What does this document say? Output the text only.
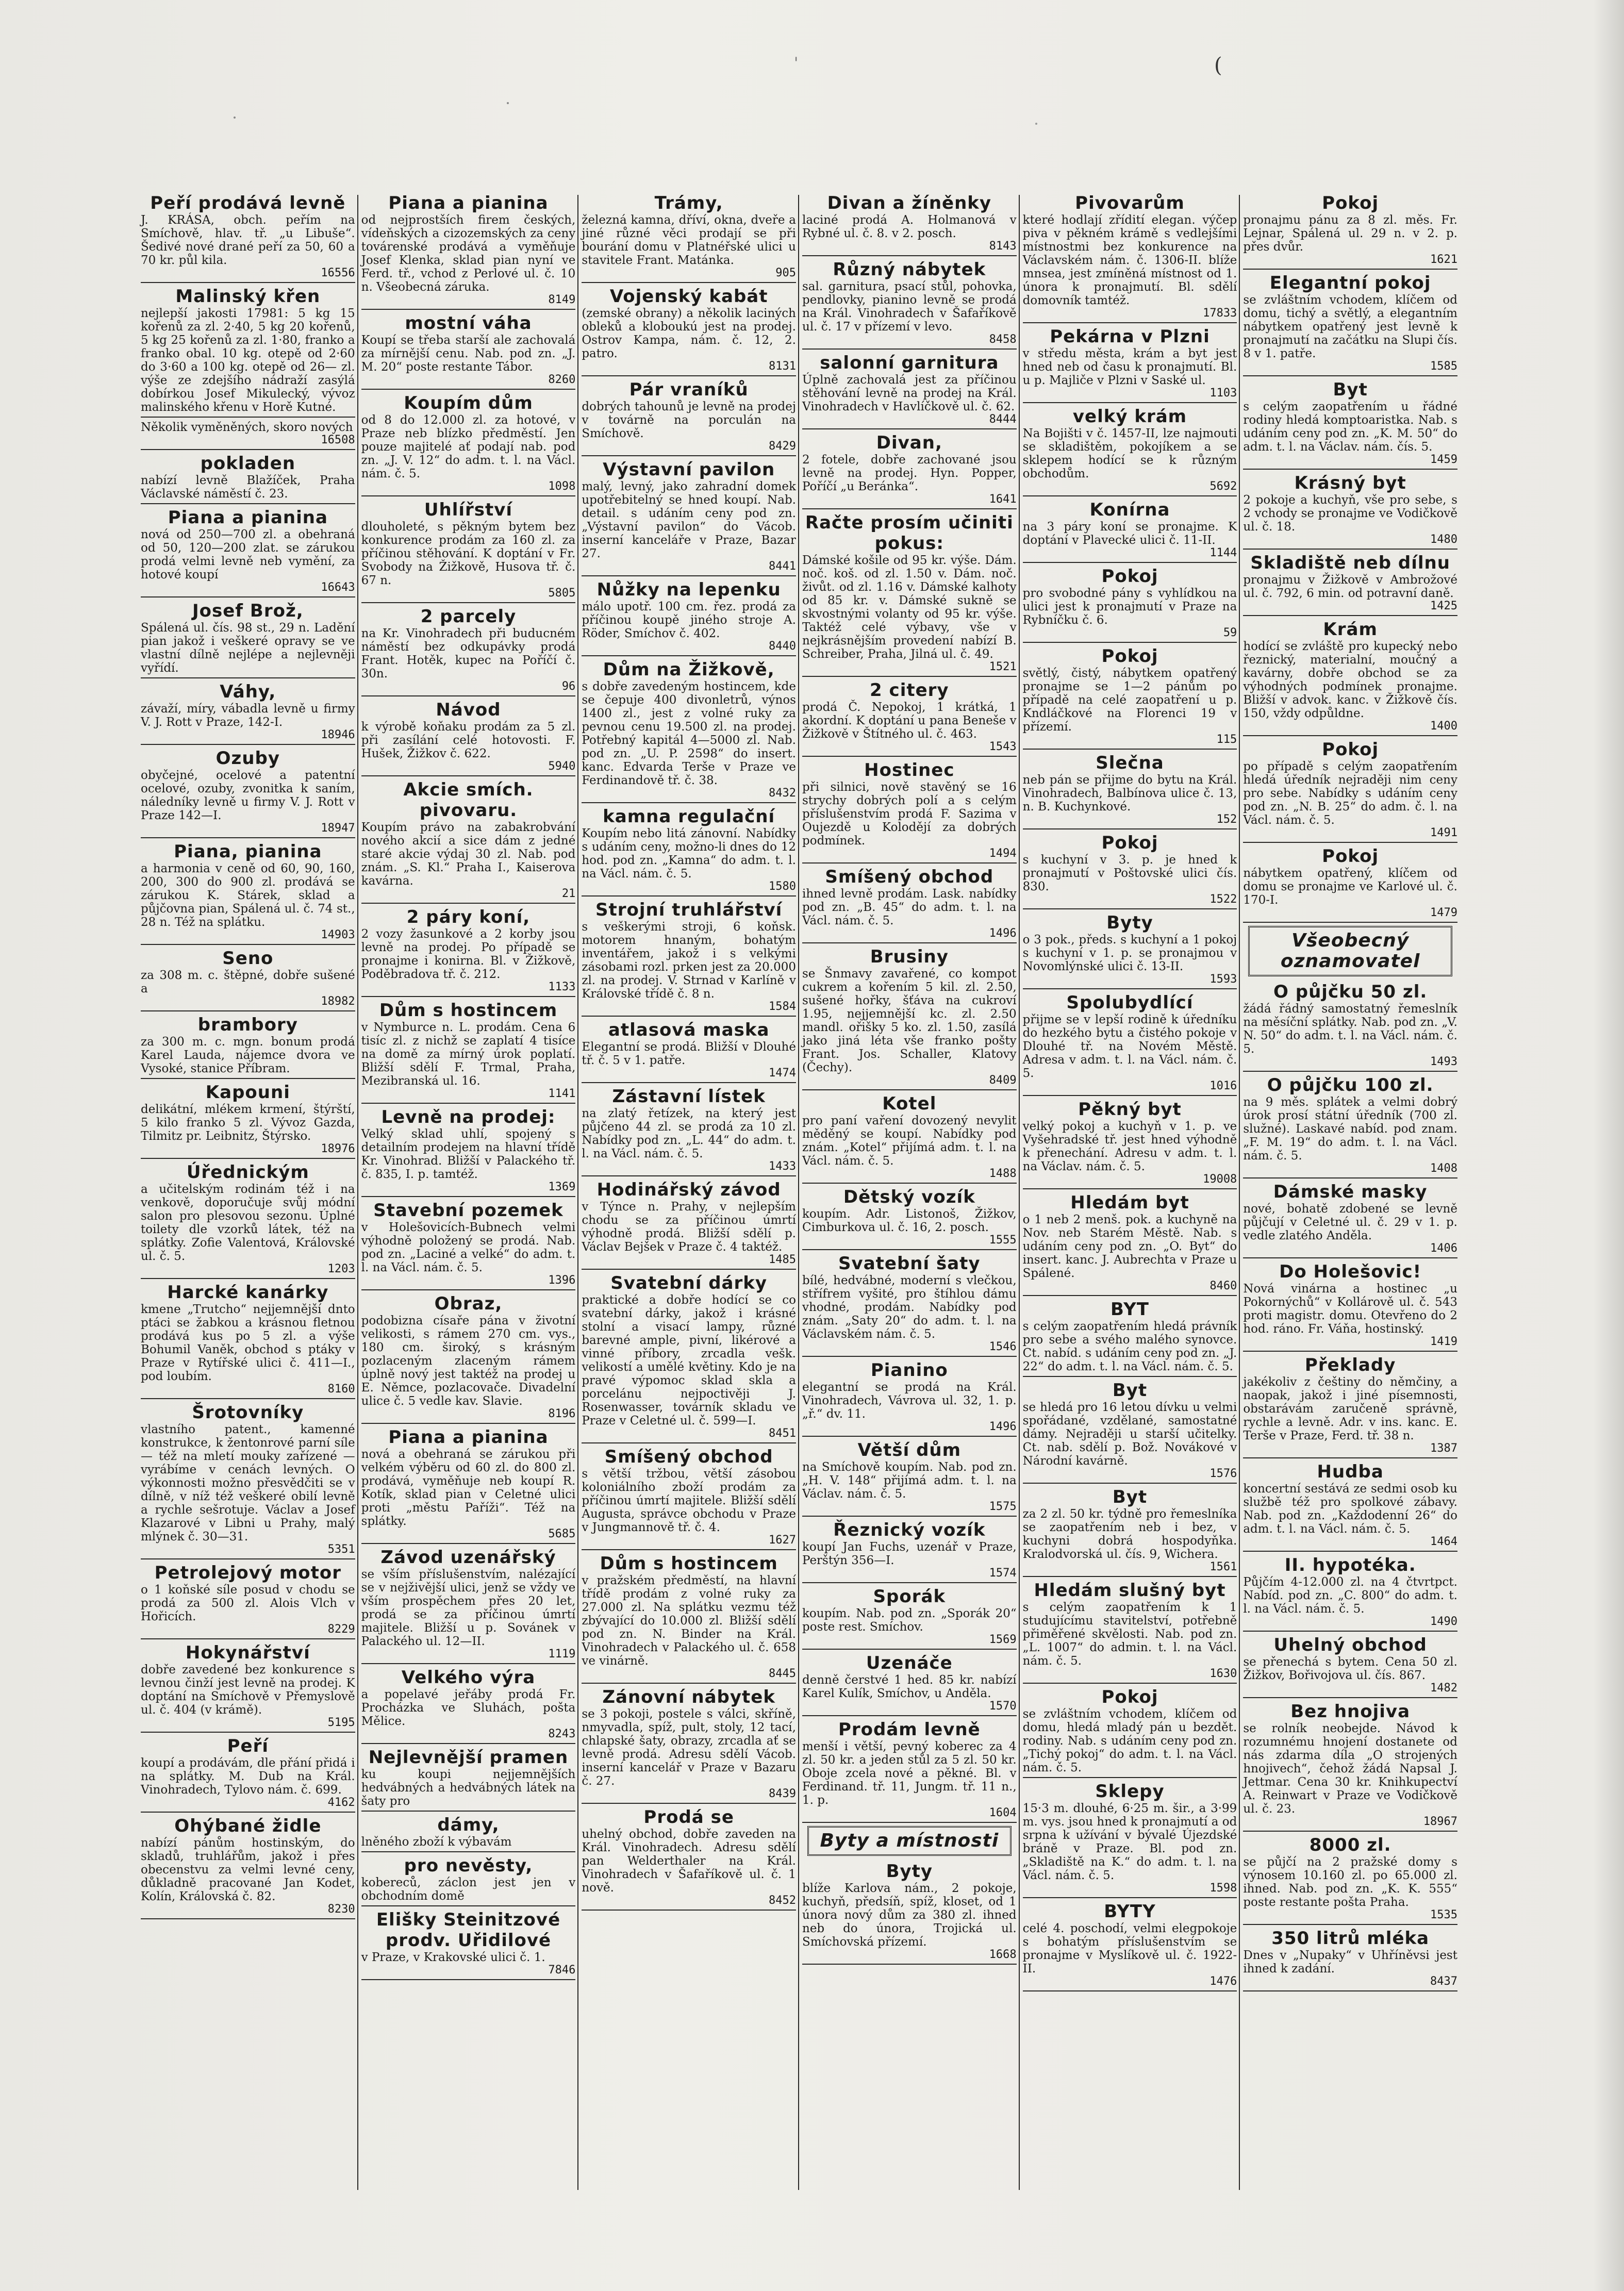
(
'
Peří prodává levně

J. KRÁSA, obch. peřím na Smíchově, hlav. tř. „u Libuše“. Šedivé nové drané peří za 50, 60 a 70 kr. půl kila.

16556
Malinský křen

nejlepší jakosti 17981: 5 kg 15 kořenů za zl. 2·40, 5 kg 20 kořenů, 5 kg 25 kořenů za zl. 1·80, franko a franko obal. 10 kg. otepě od 2·60 do 3·60 a 100 kg. otepě od 26— zl. výše ze zdejšího nádraží zasýlá dobírkou Josef Mikulecký, vývoz malinského křenu v Horě Kutné.

Několik vyměněných, skoro nových

16508
pokladen

nabízí levně Blažíček, Praha Václavské náměstí č. 23.

Piana a pianina

nová od 250—700 zl. a obehraná od 50, 120—200 zlat. se zárukou prodá velmi levně neb vymění, za hotové koupí

16643
Josef Brož,

Spálená ul. čís. 98 st., 29 n. Ladění pian jakož i veškeré opravy se ve vlastní dílně nejlépe a nejlevněji vyřídí.

Váhy,

závaží, míry, vábadla levně u firmy V. J. Rott v Praze, 142-I.

18946
Ozuby

obyčejné, ocelové a patentní ocelové, ozuby, zvonitka k saním, náledníky levně u firmy V. J. Rott v Praze 142—I.

18947
Piana, pianina

a harmonia v ceně od 60, 90, 160, 200, 300 do 900 zl. prodává se zárukou K. Stárek, sklad a půjčovna pian, Spálená ul. č. 74 st., 28 n. Též na splátku.

14903
Seno

za 308 m. c. štěpné, dobře sušené a

18982
brambory

za 300 m. c. mgn. bonum prodá Karel Lauda, nájemce dvora ve Vysoké, stanice Příbram.

Kapouni

delikátní, mlékem krmení, štýrští, 5 kilo franko 5 zl. Vývoz Gazda, Tilmitz pr. Leibnitz, Štýrsko.

18976
Úřednickým

a učitelským rodinám též i na venkově, doporučuje svůj módní salon pro plesovou sezonu. Úplné toilety dle vzorků látek, též na splátky. Zofie Valentová, Královské ul. č. 5.

1203
Harcké kanárky

kmene „Trutcho“ nejjemnější dnto ptáci se žabkou a krásnou fletnou prodává kus po 5 zl. a výše Bohumil Vaněk, obchod s ptáky v Praze v Rytířské ulici č. 411—I., pod loubím.

8160
Šrotovníky

vlastního patent., kamenné konstrukce, k žentonrové parní síle — též na mletí mouky zařízené — vyrábíme v cenách levných. O výkonnosti možno přesvědčiti se v dílně, v níž též veškeré obilí levně a rychle sešrotuje. Václav a Josef Klazarové v Libni u Prahy, malý mlýnek č. 30—31.

5351
Petrolejový motor

o 1 koňské síle posud v chodu se prodá za 500 zl. Alois Vlch v Hořicích.

8229
Hokynářství

dobře zavedené bez konkurence s levnou činží jest levně na prodej. K doptání na Smíchově v Přemyslově ul. č. 404 (v krámě).

5195
Peří

koupí a prodávám, dle přání přidá i na splátky. M. Dub na Král. Vinohradech, Tylovo nám. č. 699.

4162
Ohýbané židle

nabízí pánům hostinským, do skladů, truhlářům, jakož i přes obecenstvu za velmi levné ceny, důkladně pracované Jan Kodet, Kolín, Královská č. 82.

8230
Piana a pianina

od nejprostších firem českých, vídeňských a cizozemských za ceny továrenské prodává a vyměňuje Josef Klenka, sklad pian nyní ve Ferd. tř., vchod z Perlové ul. č. 10 n. Všeobecná záruka.

8149
mostní váha

Koupí se třeba starší ale zachovalá za mírnější cenu. Nab. pod zn. „J. M. 20“ poste restante Tábor.

8260
Koupím dům

od 8 do 12.000 zl. za hotové, v Praze neb blízko předměstí. Jen pouze majitelé ať podají nab. pod zn. „J. V. 12“ do adm. t. l. na Václ. nám. č. 5.

1098
Uhlířství

dlouholeté, s pěkným bytem bez konkurence prodám za 160 zl. za příčinou stěhování. K doptání v Fr. Svobody na Žižkově, Husova tř. č. 67 n.

5805
2 parcely

na Kr. Vinohradech při buducném náměstí bez odkupávky prodá Frant. Hotěk, kupec na Poříčí č. 30n.

96
Návod

k výrobě koňaku prodám za 5 zl. při zasílání celé hotovosti. F. Hušek, Žižkov č. 622.

5940
Akcie smích. pivovaru.

Koupím právo na zabakrobvání nového akcií a sice dám z jedné staré akcie výdaj 30 zl. Nab. pod znám. „S. Kl.“ Praha I., Kaiserova kavárna.

21
2 páry koní,

2 vozy žasunkové a 2 korby jsou levně na prodej. Po případě se pronajme i konirna. Bl. v Žižkově, Poděbradova tř. č. 212.

1133
Dům s hostincem

v Nymburce n. L. prodám. Cena 6 tisíc zl. z nichž se zaplatí 4 tisíce na domě za mírný úrok poplatí. Bližší sdělí F. Trmal, Praha, Mezibranská ul. 16.

1141
Levně na prodej:

Velký sklad uhlí, spojený s detailním prodejem na hlavní třídě Kr. Vinohrad. Bližší v Palackého tř. č. 835, I. p. tamtéž.

1369
Stavební pozemek

v Holešovicích-Bubnech velmi výhodně položený se prodá. Nab. pod zn. „Laciné a velké“ do adm. t. l. na Václ. nám. č. 5.

1396
Obraz,

podobizna císaře pána v životní velikosti, s rámem 270 cm. vys., 180 cm. široký, s krásným pozlaceným zlaceným rámem úplně nový jest taktéž na prodej u E. Němce, pozlacovače. Divadelní ulice č. 5 vedle kav. Slavie.

8196
Piana a pianina

nová a obehraná se zárukou při velkém výběru od 60 zl. do 800 zl. prodává, vyměňuje neb koupí R. Kotík, sklad pian v Celetné ulici proti „městu Paříži“. Též na splátky.

5685
Závod uzenářský

se vším příslušenstvím, nalézající se v nejživější ulici, jenž se vždy ve vším prospěchem přes 20 let, prodá se za příčinou úmrtí majitele. Bližší u p. Sovánek v Palackého ul. 12—II.

1119
Velkého výra

a popelavé jeřáby prodá Fr. Procházka ve Sluhách, pošta Mělice.

8243
Nejlevnější pramen

ku koupi nejjemnějších hedvábných a hedvábných látek na šaty pro

dámy,

lněného zboží k výbavám

pro nevěsty,

kobereců, záclon jest jen v obchodním domě

Elišky Steinitzové prodv. Uřidilové

v Praze, v Krakovské ulici č. 1.

7846
Trámy,

železná kamna, dříví, okna, dveře a jiné různé věci prodají se při bourání domu v Platnéřské ulici u stavitele Frant. Matánka.

905
Vojenský kabát

(zemské obrany) a několik laciných obleků a kloboukú jest na prodej. Ostrov Kampa, nám. č. 12, 2. patro.

8131
Pár vraníků

dobrých tahounů je levně na prodej v továrně na porculán na Smíchově.

8429
Výstavní pavilon

malý, levný, jako zahradní domek upotřebitelný se hned koupí. Nab. detail. s udáním ceny pod zn. „Výstavní pavilon“ do Vácob. inserní kanceláře v Praze, Bazar 27.

8441
Nůžky na lepenku

málo upotř. 100 cm. řez. prodá za příčinou koupě jiného stroje A. Röder, Smíchov č. 402.

8440
Dům na Žižkově,

s dobře zavedeným hostincem, kde se čepuje 400 divonletrů, výnos 1400 zl., jest z volné ruky za pevnou cenu 19.500 zl. na prodej. Potřebný kapitál 4—5000 zl. Nab. pod zn. „U. P. 2598“ do insert. kanc. Edvarda Terše v Praze ve Ferdinandově tř. č. 38.

8432
kamna regulační

Koupím nebo litá zánovní. Nabídky s udáním ceny, možno-li dnes do 12 hod. pod zn. „Kamna“ do adm. t. l. na Václ. nám. č. 5.

1580
Strojní truhlářství

s veškerými stroji, 6 koňsk. motorem hnaným, bohatým inventářem, jakož i s velkými zásobami rozl. prken jest za 20.000 zl. na prodej. V. Strnad v Karlíně v Královské třídě č. 8 n.

1584
atlasová maska

Elegantní se prodá. Bližší v Dlouhé tř. č. 5 v 1. patře.

1474
Zástavní lístek

na zlatý řetízek, na který jest půjčeno 44 zl. se prodá za 10 zl. Nabídky pod zn. „L. 44“ do adm. t. l. na Václ. nám. č. 5.

1433
Hodinářský závod

v Týnce n. Prahy, v nejlepším chodu se za příčinou úmrtí výhodně prodá. Bližší sdělí p. Václav Bejšek v Praze č. 4 taktéž.

1485
Svatební dárky

praktické a dobře hodící se co svatební dárky, jakož i krásné stolní a visací lampy, různé barevné ample, pivní, likérové a vinné příbory, zrcadla vešk. velikostí a umělé květiny. Kdo je na pravé výpomoc sklad skla a porcelánu nejpoctivěji J. Rosenwasser, továrník skladu ve Praze v Celetné ul. č. 599—I.

8451
Smíšený obchod

s větší tržbou, větší zásobou koloniálního zboží prodám za příčinou úmrtí majitele. Bližší sdělí Augusta, správce obchodu v Praze v Jungmannově tř. č. 4.

1627
Dům s hostincem

v pražském předměstí, na hlavní třídě prodám z volné ruky za 27.000 zl. Na splátku vezmu též zbývající do 10.000 zl. Bližší sdělí pod zn. N. Binder na Král. Vinohradech v Palackého ul. č. 658 ve vinárně.

8445
Zánovní nábytek

se 3 pokoji, postele s válci, skříně, nmyvadla, spíž, pult, stoly, 12 tací, chlapské šaty, obrazy, zrcadla ať se levně prodá. Adresu sdělí Vácob. inserní kancelář v Praze v Bazaru č. 27.

8439
Prodá se

uhelný obchod, dobře zaveden na Král. Vinohradech. Adresu sdělí pan Welderthaler na Král. Vinohradech v Šafaříkově ul. č. 1 nově.

8452
Divan a žíněnky

laciné prodá A. Holmanová v Rybné ul. č. 8. v 2. posch.

8143
Různý nábytek

sal. garnitura, psací stůl, pohovka, pendlovky, pianino levně se prodá na Král. Vinohradech v Šafaříkově ul. č. 17 v přízemí v levo.

8458
salonní garnitura

Úplně zachovalá jest za příčinou stěhování levně na prodej na Král. Vinohradech v Havlíčkově ul. č. 62.

8444
Divan,

2 fotele, dobře zachované jsou levně na prodej. Hyn. Popper, Poříčí „u Beránka“.

1641
Račte prosím učiniti pokus:

Dámské košile od 95 kr. výše. Dám. noč. koš. od zl. 1.50 v. Dám. noč. živůt. od zl. 1.16 v. Dámské kalhoty od 85 kr. v. Dámské sukně se skvostnými volanty od 95 kr. výše. Taktéž celé výbavy, vše v nejkrásnějším provedení nabízí B. Schreiber, Praha, Jilná ul. č. 49.

1521
2 citery

prodá Č. Nepokoj, 1 krátká, 1 akordní. K doptání u pana Beneše v Žižkově v Štítného ul. č. 463.

1543
Hostinec

při silnici, nově stavěný se 16 strychy dobrých polí a s celým příslušenstvím prodá F. Sazima v Oujezdě u Kolodějí za dobrých podmínek.

1494
Smíšený obchod

ihned levně prodám. Lask. nabídky pod zn. „B. 45“ do adm. t. l. na Václ. nám. č. 5.

1496
Brusiny

se Šnmavy zavařené, co kompot cukrem a kořením 5 kil. zl. 2.50, sušené hořky, šťáva na cukroví 1.95, nejjemnější kc. zl. 2.50 mandl. ořišky 5 ko. zl. 1.50, zasílá jako jiná léta vše franko pošty Frant. Jos. Schaller, Klatovy (Čechy).

8409
Kotel

pro paní vaření dovozený nevylit měděný se koupí. Nabídky pod znám. „Kotel“ přijímá adm. t. l. na Václ. nám. č. 5.

1488
Dětský vozík

koupím. Adr. Listonoš, Žižkov, Cimburkova ul. č. 16, 2. posch.

1555
Svatební šaty

bílé, hedvábné, moderní s vlečkou, střífrem vyšité, pro štíhlou dámu vhodné, prodám. Nabídky pod znám. „Saty 20“ do adm. t. l. na Václavském nám. č. 5.

1546
Pianino

elegantní se prodá na Král. Vinohradech, Vávrova ul. 32, 1. p. „ř.“ dv. 11.

1496
Větší dům

na Smíchově koupím. Nab. pod zn. „H. V. 148“ přijímá adm. t. l. na Václav. nám. č. 5.

1575
Řeznický vozík

koupí Jan Fuchs, uzenář v Praze, Perštýn 356—I.

1574
Sporák

koupím. Nab. pod zn. „Sporák 20“ poste rest. Smíchov.

1569
Uzenáče

denně čerstvé 1 hed. 85 kr. nabízí Karel Kulík, Smíchov, u Anděla.

1570
Prodám levně

menší i větší, pevný koberec za 4 zl. 50 kr. a jeden stůl za 5 zl. 50 kr. Oboje zcela nové a pěkné. Bl. v Ferdinand. tř. 11, Jungm. tř. 11 n., 1. p.

1604
Byty a místnosti
Byty

blíže Karlova nám., 2 pokoje, kuchyň, předsíň, spíž, kloset, od 1 února nový dům za 380 zl. ihned neb do února, Trojická ul. Smíchovská přízemí.

1668
Pivovarům

které hodlají zřídití elegan. výčep piva v pěkném krámě s vedlejšími místnostmi bez konkurence na Václavském nám. č. 1306-II. blíže mnsea, jest zmíněná místnost od 1. února k pronajmutí. Bl. sdělí domovník tamtéž.

17833
Pekárna v Plzni

v středu města, krám a byt jest hned neb od času k pronajmutí. Bl. u p. Majliče v Plzni v Saské ul.

1103
velký krám

Na Bojišti v č. 1457-II, lze najmouti se skladištěm, pokojíkem a se sklepem hodící se k různým obchodům.

5692
Konírna

na 3 páry koní se pronajme. K doptání v Plavecké ulici č. 11-II.

1144
Pokoj

pro svobodné pány s vyhlídkou na ulici jest k pronajmutí v Praze na Rybníčku č. 6.

59
Pokoj

světlý, čistý, nábytkem opatřený pronajme se 1—2 pánům po případě na celé zaopatření u p. Kndláčkové na Florenci 19 v přízemí.

115
Slečna

neb pán se přijme do bytu na Král. Vinohradech, Balbínova ulice č. 13, n. B. Kuchynkové.

152
Pokoj

s kuchyní v 3. p. je hned k pronajmutí v Poštovské ulici čís. 830.

1522
Byty

o 3 pok., předs. s kuchyní a 1 pokoj s kuchyní v 1. p. se pronajmou v Novomlýnské ulici č. 13-II.

1593
Spolubydlící

přijme se v lepší rodině k úředníku do hezkého bytu a čistého pokoje v Dlouhé tř. na Novém Městě. Adresa v adm. t. l. na Václ. nám. č. 5.

1016
Pěkný byt

velký pokoj a kuchyň v 1. p. ve Vyšehradské tř. jest hned výhodně k přenechání. Adresu v adm. t. l. na Václav. nám. č. 5.

19008
Hledám byt

o 1 neb 2 menš. pok. a kuchyně na Nov. neb Starém Městě. Nab. s udáním ceny pod zn. „O. Byt“ do insert. kanc. J. Aubrechta v Praze u Spálené.

8460
BYT

s celým zaopatřením hledá právník pro sebe a svého malého synovce. Ct. nabíd. s udáním ceny pod zn. „J. 22“ do adm. t. l. na Václ. nám. č. 5.

Byt

se hledá pro 16 letou dívku u velmi spořádané, vzdělané, samostatné dámy. Nejraději u starší učitelky. Ct. nab. sdělí p. Bož. Novákové v Národní kavárně.

1576
Byt

za 2 zl. 50 kr. týdně pro řemeslníka se zaopatřením neb i bez, v kuchyni dobrá hospodyňka. Kralodvorská ul. čís. 9, Wichera.

1561
Hledám slušný byt

s celým zaopatřením k 1 studujícímu stavitelství, potřebně přiměřené skvělosti. Nab. pod zn. „L. 1007“ do admin. t. l. na Václ. nám. č. 5.

1630
Pokoj

se zvláštním vchodem, klíčem od domu, hledá mladý pán u bezdět. rodiny. Nab. s udáním ceny pod zn. „Tichý pokoj“ do adm. t. l. na Václ. nám. č. 5.

Sklepy

15·3 m. dlouhé, 6·25 m. šir., a 3·99 m. vys. jsou hned k pronajmutí a od srpna k užívání v bývalé Újezdské bráně v Praze. Bl. pod zn. „Skladiště na K.“ do adm. t. l. na Václ. nám. č. 5.

1598
BYTY

celé 4. poschodí, velmi elegpokoje s bohatým příslušenstvím se pronajme v Myslíkově ul. č. 1922-II.

1476
Pokoj

pronajmu pánu za 8 zl. měs. Fr. Lejnar, Spálená ul. 29 n. v 2. p. přes dvůr.

1621
Elegantní pokoj

se zvláštním vchodem, klíčem od domu, tichý a světlý, a elegantním nábytkem opatřený jest levně k pronajmutí na začátku na Slupi čís. 8 v 1. patře.

1585
Byt

s celým zaopatřením u řádné rodiny hledá komptoaristka. Nab. s udáním ceny pod zn. „K. M. 50“ do adm. t. l. na Václav. nám. čís. 5.

1459
Krásný byt

2 pokoje a kuchyň, vše pro sebe, s 2 vchody se pronajme ve Vodičkově ul. č. 18.

1480
Skladiště neb dílnu

pronajmu v Žižkově v Ambrožové ul. č. 792, 6 min. od potravní daně.

1425
Krám

hodící se zvláště pro kupecký nebo řeznický, materialní, moučný a kavárny, dobře obchod se za výhodných podmínek pronajme. Bližší v advok. kanc. v Žižkově čís. 150, vždy odpůldne.

1400
Pokoj

po případě s celým zaopatřením hledá úředník nejraději nim ceny pro sebe. Nabídky s udáním ceny pod zn. „N. B. 25“ do adm. č. l. na Václ. nám. č. 5.

1491
Pokoj

nábytkem opatřený, klíčem od domu se pronajme ve Karlové ul. č. 170-I.

1479
Všeobecný oznamovatel
O půjčku 50 zl.

žádá řádný samostatný řemeslník na měsíční splátky. Nab. pod zn. „V. N. 50“ do adm. t. l. na Václ. nám. č. 5.

1493
O půjčku 100 zl.

na 9 měs. splátek a velmi dobrý úrok prosí státní úředník (700 zl. služné). Laskavé nabíd. pod znam. „F. M. 19“ do adm. t. l. na Václ. nám. č. 5.

1408
Dámské masky

nové, bohatě zdobené se levně půjčují v Celetné ul. č. 29 v 1. p. vedle zlatého Anděla.

1406
Do Holešovic!

Nová vinárna a hostinec „u Pokornýchů“ v Kollárově ul. č. 543 proti magistr. domu. Otevřeno do 2 hod. ráno. Fr. Váňa, hostinský.

1419
Překlady

jakékoliv z češtiny do němčiny, a naopak, jakož i jiné písemnosti, obstarávám zaručeně správně, rychle a levně. Adr. v ins. kanc. E. Terše v Praze, Ferd. tř. 38 n.

1387
Hudba

koncertní sestává ze sedmi osob ku službě též pro spolkové zábavy. Nab. pod zn. „Každodenní 26“ do adm. t. l. na Václ. nám. č. 5.

1464
II. hypotéka.

Půjčím 4-12.000 zl. na 4 čtvrtpct. Nabíd. pod zn. „C. 800“ do adm. t. l. na Václ. nám. č. 5.

1490
Uhelný obchod

se přenechá s bytem. Cena 50 zl. Žižkov, Bořivojova ul. čís. 867.

1482
Bez hnojiva

se rolník neobejde. Návod k rozumnému hnojení dostanete od nás zdarma díla „O strojených hnojivech“, čehož žádá Napsal J. Jettmar. Cena 30 kr. Knihkupectví A. Reinwart v Praze ve Vodičkově ul. č. 23.

18967
8000 zl.

se půjčí na 2 pražské domy s výnosem 10.160 zl. po 65.000 zl. ihned. Nab. pod zn. „K. K. 555“ poste restante pošta Praha.

1535
350 litrů mléka

Dnes v „Nupaky“ v Uhříněvsi jest ihned k zadání.

8437
